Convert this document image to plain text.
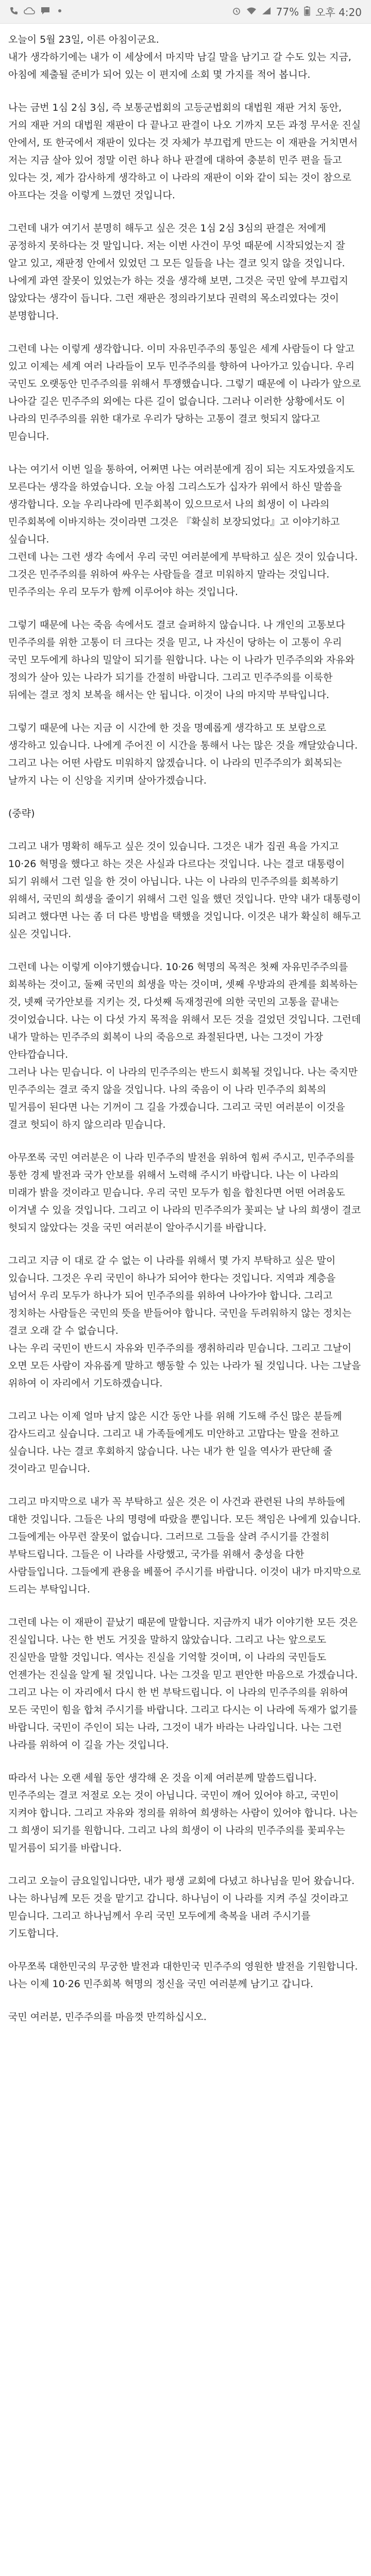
77% 오후 4:20

오늘이 5월 23일, 이른 아침이군요.
내가 생각하기에는 내가 이 세상에서 마지막 남길 말을 남기고 갈 수도 있는 지금, 아침에 제출될 준비가 되어 있는 이 편지에 소회 몇 가지를 적어 봅니다.

나는 금번 1심 2심 3심, 즉 보통군법회의 고등군법회의 대법원 재판 거치 동안, 거의 재판 거의 대법원 재판이 다 끝나고 판결이 나오 기까지 모든 과정 무서운 진실 안에서, 또 한국에서 재판이 있다는 것 자체가 부끄럽게 만드는 이 재판을 거치면서 저는 지금 살아 있어 정말 이런 하나 하나 판결에 대하여 충분히 민주 편을 들고 있다는 것, 제가 감사하게 생각하고 이 나라의 재판이 이와 같이 되는 것이 참으로 아프다는 것을 이렇게 느꼈던 것입니다.

그런데 내가 여기서 분명히 해두고 싶은 것은 1심 2심 3심의 판결은 저에게 공정하지 못하다는 것 말입니다. 저는 이번 사건이 무엇 때문에 시작되었는지 잘 알고 있고, 재판정 안에서 있었던 그 모든 일들을 나는 결코 잊지 않을 것입니다. 나에게 과연 잘못이 있었는가 하는 것을 생각해 보면, 그것은 국민 앞에 부끄럽지 않았다는 생각이 듭니다. 그런 재판은 정의라기보다 권력의 목소리였다는 것이 분명합니다.

그런데 나는 이렇게 생각합니다. 이미 자유민주주의 통일은 세계 사람들이 다 알고 있고 이제는 세계 여러 나라들이 모두 민주주의를 향하여 나아가고 있습니다. 우리 국민도 오랫동안 민주주의를 위해서 투쟁했습니다. 그렇기 때문에 이 나라가 앞으로 나아갈 길은 민주주의 외에는 다른 길이 없습니다. 그러나 이러한 상황에서도 이 나라의 민주주의를 위한 대가로 우리가 당하는 고통이 결코 헛되지 않다고 믿습니다.

나는 여기서 이번 일을 통하여, 어쩌면 나는 여러분에게 짐이 되는 지도자였을지도 모른다는 생각을 하였습니다. 오늘 아침 그리스도가 십자가 위에서 하신 말씀을 생각합니다. 오늘 우리나라에 민주회복이 있으므로서 나의 희생이 이 나라의 민주회복에 이바지하는 것이라면 그것은 『확실히 보장되었다』고 이야기하고 싶습니다.
그런데 나는 그런 생각 속에서 우리 국민 여러분에게 부탁하고 싶은 것이 있습니다. 그것은 민주주의를 위하여 싸우는 사람들을 결코 미워하지 말라는 것입니다. 민주주의는 우리 모두가 함께 이루어야 하는 것입니다.

그렇기 때문에 나는 죽음 속에서도 결코 슬퍼하지 않습니다. 나 개인의 고통보다 민주주의를 위한 고통이 더 크다는 것을 믿고, 나 자신이 당하는 이 고통이 우리 국민 모두에게 하나의 밀알이 되기를 원합니다. 나는 이 나라가 민주주의와 자유와 정의가 살아 있는 나라가 되기를 간절히 바랍니다. 그리고 민주주의를 이룩한 뒤에는 결코 정치 보복을 해서는 안 됩니다. 이것이 나의 마지막 부탁입니다.

그렇기 때문에 나는 지금 이 시간에 한 것을 명예롭게 생각하고 또 보람으로 생각하고 있습니다. 나에게 주어진 이 시간을 통해서 나는 많은 것을 깨달았습니다. 그리고 나는 어떤 사람도 미워하지 않겠습니다. 이 나라의 민주주의가 회복되는 날까지 나는 이 신앙을 지키며 살아가겠습니다.

(중략)

그리고 내가 명확히 해두고 싶은 것이 있습니다. 그것은 내가 집권 욕을 가지고 10·26 혁명을 했다고 하는 것은 사실과 다르다는 것입니다. 나는 결코 대통령이 되기 위해서 그런 일을 한 것이 아닙니다. 나는 이 나라의 민주주의를 회복하기 위해서, 국민의 희생을 줄이기 위해서 그런 일을 했던 것입니다. 만약 내가 대통령이 되려고 했다면 나는 좀 더 다른 방법을 택했을 것입니다. 이것은 내가 확실히 해두고 싶은 것입니다.

그런데 나는 이렇게 이야기했습니다. 10·26 혁명의 목적은 첫째 자유민주주의를 회복하는 것이고, 둘째 국민의 희생을 막는 것이며, 셋째 우방과의 관계를 회복하는 것, 넷째 국가안보를 지키는 것, 다섯째 독재정권에 의한 국민의 고통을 끝내는 것이었습니다. 나는 이 다섯 가지 목적을 위해서 모든 것을 걸었던 것입니다. 그런데 내가 말하는 민주주의 회복이 나의 죽음으로 좌절된다면, 나는 그것이 가장 안타깝습니다.
그러나 나는 믿습니다. 이 나라의 민주주의는 반드시 회복될 것입니다. 나는 죽지만 민주주의는 결코 죽지 않을 것입니다. 나의 죽음이 이 나라 민주주의 회복의 밑거름이 된다면 나는 기꺼이 그 길을 가겠습니다. 그리고 국민 여러분이 이것을 결코 헛되이 하지 않으리라 믿습니다.

아무쪼록 국민 여러분은 이 나라 민주주의 발전을 위하여 힘써 주시고, 민주주의를 통한 경제 발전과 국가 안보를 위해서 노력해 주시기 바랍니다. 나는 이 나라의 미래가 밝을 것이라고 믿습니다. 우리 국민 모두가 힘을 합친다면 어떤 어려움도 이겨낼 수 있을 것입니다. 그리고 이 나라의 민주주의가 꽃피는 날 나의 희생이 결코 헛되지 않았다는 것을 국민 여러분이 알아주시기를 바랍니다.

그리고 지금 이 대로 갈 수 없는 이 나라를 위해서 몇 가지 부탁하고 싶은 말이 있습니다. 그것은 우리 국민이 하나가 되어야 한다는 것입니다. 지역과 계층을 넘어서 우리 모두가 하나가 되어 민주주의를 위하여 나아가야 합니다. 그리고 정치하는 사람들은 국민의 뜻을 받들어야 합니다. 국민을 두려워하지 않는 정치는 결코 오래 갈 수 없습니다.
나는 우리 국민이 반드시 자유와 민주주의를 쟁취하리라 믿습니다. 그리고 그날이 오면 모든 사람이 자유롭게 말하고 행동할 수 있는 나라가 될 것입니다. 나는 그날을 위하여 이 자리에서 기도하겠습니다.

그리고 나는 이제 얼마 남지 않은 시간 동안 나를 위해 기도해 주신 많은 분들께 감사드리고 싶습니다. 그리고 내 가족들에게도 미안하고 고맙다는 말을 전하고 싶습니다. 나는 결코 후회하지 않습니다. 나는 내가 한 일을 역사가 판단해 줄 것이라고 믿습니다.

그리고 마지막으로 내가 꼭 부탁하고 싶은 것은 이 사건과 관련된 나의 부하들에 대한 것입니다. 그들은 나의 명령에 따랐을 뿐입니다. 모든 책임은 나에게 있습니다. 그들에게는 아무런 잘못이 없습니다. 그러므로 그들을 살려 주시기를 간절히 부탁드립니다. 그들은 이 나라를 사랑했고, 국가를 위해서 충성을 다한 사람들입니다. 그들에게 관용을 베풀어 주시기를 바랍니다. 이것이 내가 마지막으로 드리는 부탁입니다.

그런데 나는 이 재판이 끝났기 때문에 말합니다. 지금까지 내가 이야기한 모든 것은 진실입니다. 나는 한 번도 거짓을 말하지 않았습니다. 그리고 나는 앞으로도 진실만을 말할 것입니다. 역사는 진실을 기억할 것이며, 이 나라의 국민들도 언젠가는 진실을 알게 될 것입니다. 나는 그것을 믿고 편안한 마음으로 가겠습니다.
그리고 나는 이 자리에서 다시 한 번 부탁드립니다. 이 나라의 민주주의를 위하여 모든 국민이 힘을 합쳐 주시기를 바랍니다. 그리고 다시는 이 나라에 독재가 없기를 바랍니다. 국민이 주인이 되는 나라, 그것이 내가 바라는 나라입니다. 나는 그런 나라를 위하여 이 길을 가는 것입니다.

따라서 나는 오랜 세월 동안 생각해 온 것을 이제 여러분께 말씀드립니다. 민주주의는 결코 저절로 오는 것이 아닙니다. 국민이 깨어 있어야 하고, 국민이 지켜야 합니다. 그리고 자유와 정의를 위하여 희생하는 사람이 있어야 합니다. 나는 그 희생이 되기를 원합니다. 그리고 나의 희생이 이 나라의 민주주의를 꽃피우는 밑거름이 되기를 바랍니다.

그리고 오늘이 금요일입니다만, 내가 평생 교회에 다녔고 하나님을 믿어 왔습니다. 나는 하나님께 모든 것을 맡기고 갑니다. 하나님이 이 나라를 지켜 주실 것이라고 믿습니다. 그리고 하나님께서 우리 국민 모두에게 축복을 내려 주시기를 기도합니다.

아무쪼록 대한민국의 무궁한 발전과 대한민국 민주주의 영원한 발전을 기원합니다. 나는 이제 10·26 민주회복 혁명의 정신을 국민 여러분께 남기고 갑니다.

국민 여러분, 민주주의를 마음껏 만끽하십시오.
